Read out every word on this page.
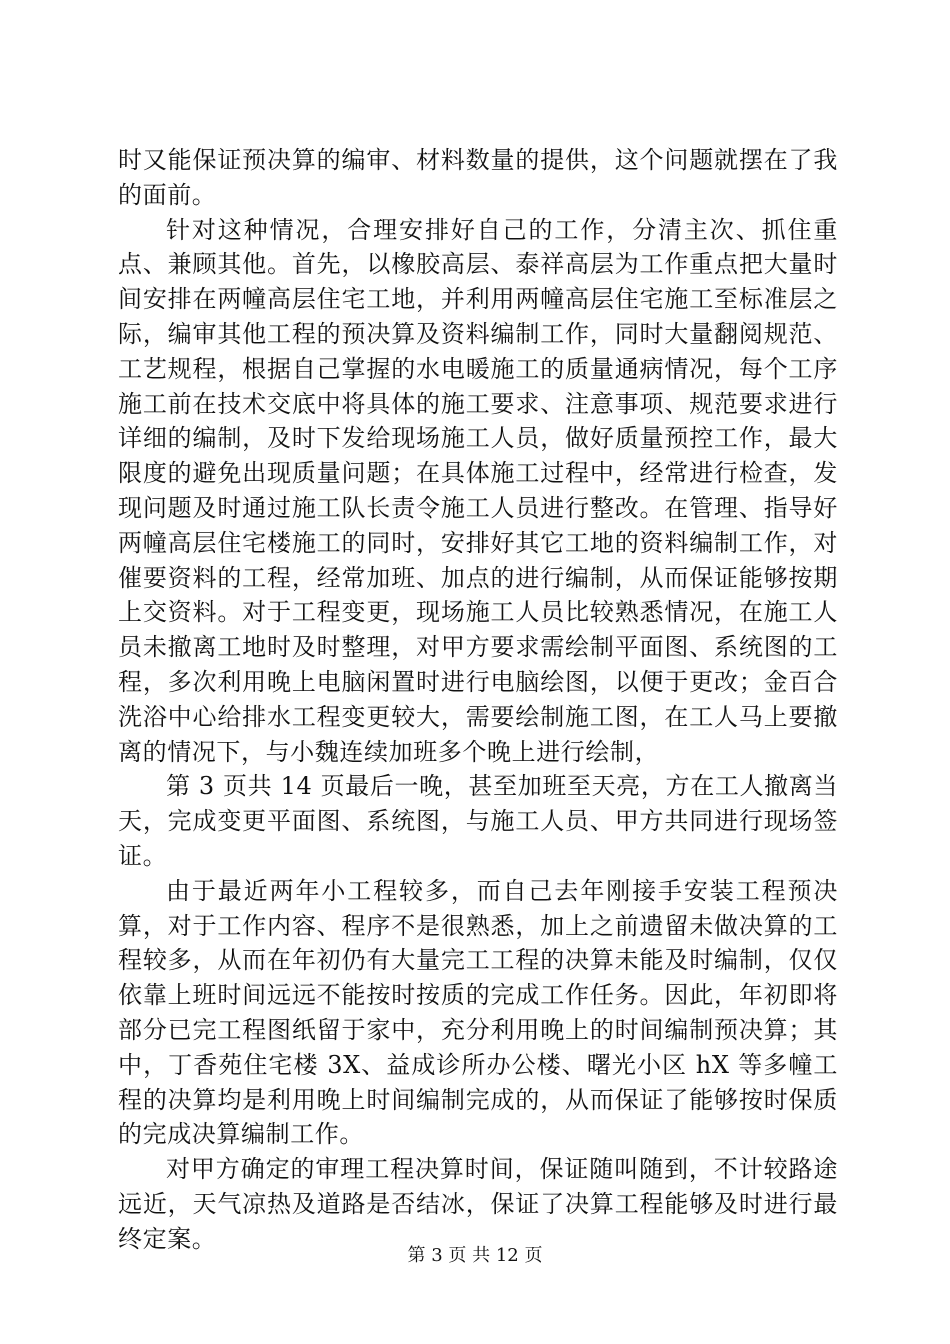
时又能保证预决算的编审、材料数量的提供，这个问题就摆在了我的面前。

针对这种情况，合理安排好自己的工作，分清主次、抓住重点、兼顾其他。首先，以橡胶高层、泰祥高层为工作重点把大量时间安排在两幢高层住宅工地，并利用两幢高层住宅施工至标准层之际，编审其他工程的预决算及资料编制工作，同时大量翻阅规范、工艺规程，根据自己掌握的水电暖施工的质量通病情况，每个工序施工前在技术交底中将具体的施工要求、注意事项、规范要求进行详细的编制，及时下发给现场施工人员，做好质量预控工作，最大限度的避免出现质量问题；在具体施工过程中，经常进行检查，发现问题及时通过施工队长责令施工人员进行整改。在管理、指导好两幢高层住宅楼施工的同时，安排好其它工地的资料编制工作，对催要资料的工程，经常加班、加点的进行编制，从而保证能够按期上交资料。对于工程变更，现场施工人员比较熟悉情况，在施工人员未撤离工地时及时整理，对甲方要求需绘制平面图、系统图的工程，多次利用晚上电脑闲置时进行电脑绘图，以便于更改；金百合洗浴中心给排水工程变更较大，需要绘制施工图，在工人马上要撤离的情况下，与小魏连续加班多个晚上进行绘制，

第 3 页共 14 页最后一晚，甚至加班至天亮，方在工人撤离当天，完成变更平面图、系统图，与施工人员、甲方共同进行现场签证。

由于最近两年小工程较多，而自己去年刚接手安装工程预决算，对于工作内容、程序不是很熟悉，加上之前遗留未做决算的工程较多，从而在年初仍有大量完工工程的决算未能及时编制，仅仅依靠上班时间远远不能按时按质的完成工作任务。因此，年初即将部分已完工程图纸留于家中，充分利用晚上的时间编制预决算；其中，丁香苑住宅楼 3X、益成诊所办公楼、曙光小区 hX 等多幢工程的决算均是利用晚上时间编制完成的，从而保证了能够按时保质的完成决算编制工作。

对甲方确定的审理工程决算时间，保证随叫随到，不计较路途远近，天气凉热及道路是否结冰，保证了决算工程能够及时进行最终定案。

第 3 页 共 12 页
